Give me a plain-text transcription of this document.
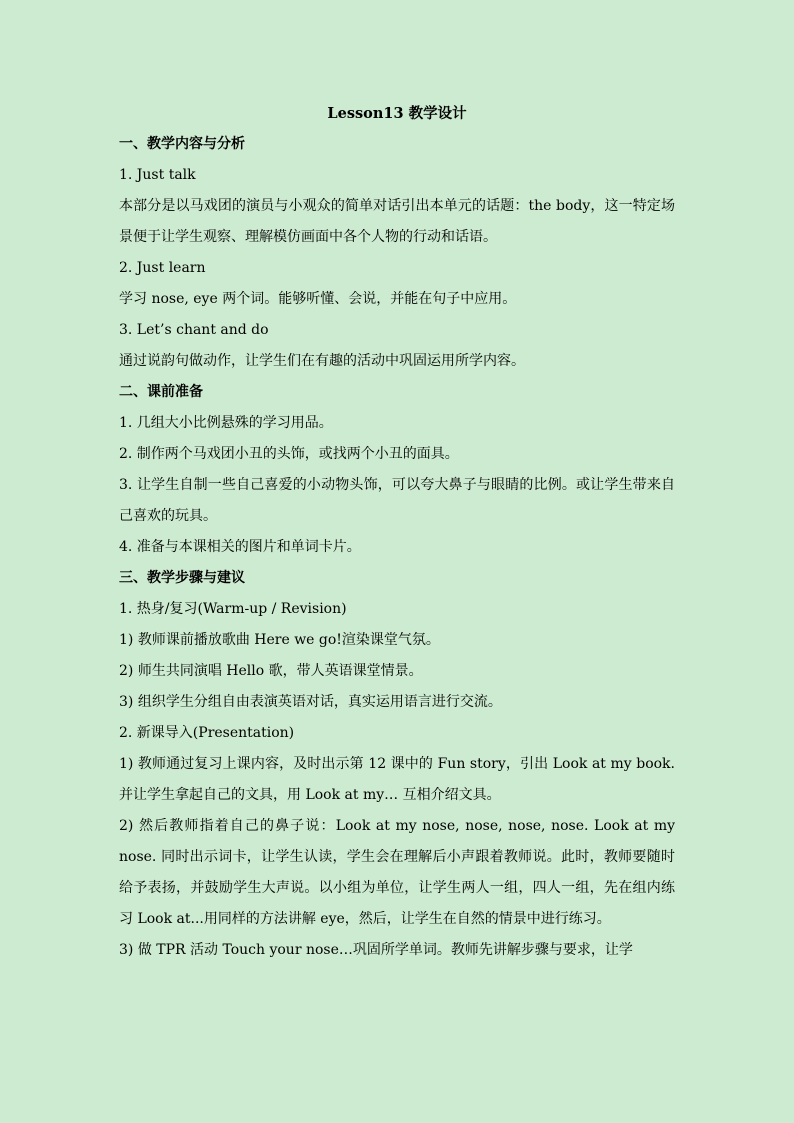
Lesson13 教学设计

一、教学内容与分析

1. Just talk

本部分是以马戏团的演员与小观众的简单对话引出本单元的话题：the body，这一特定场景便于让学生观察、理解模仿画面中各个人物的行动和话语。

2. Just learn

学习 nose, eye 两个词。能够听懂、会说，并能在句子中应用。

3. Let’s chant and do

通过说韵句做动作，让学生们在有趣的活动中巩固运用所学内容。

二、课前准备

1. 几组大小比例悬殊的学习用品。

2. 制作两个马戏团小丑的头饰，或找两个小丑的面具。

3. 让学生自制一些自己喜爱的小动物头饰，可以夸大鼻子与眼睛的比例。或让学生带来自己喜欢的玩具。

4. 准备与本课相关的图片和单词卡片。

三、教学步骤与建议

1. 热身/复习(Warm-up / Revision)

1) 教师课前播放歌曲 Here we go!渲染课堂气氛。

2) 师生共同演唱 Hello 歌，带人英语课堂情景。

3) 组织学生分组自由表演英语对话，真实运用语言进行交流。

2. 新课导入(Presentation)

1) 教师通过复习上课内容，及时出示第 12 课中的 Fun story，引出 Look at my book. 并让学生拿起自己的文具，用 Look at my… 互相介绍文具。

2) 然后教师指着自己的鼻子说：Look at my nose, nose, nose, nose. Look at my nose. 同时出示词卡，让学生认读，学生会在理解后小声跟着教师说。此时，教师要随时给予表扬，并鼓励学生大声说。以小组为单位，让学生两人一组，四人一组，先在组内练习 Look at...用同样的方法讲解 eye，然后，让学生在自然的情景中进行练习。

3) 做 TPR 活动 Touch your nose…巩固所学单词。教师先讲解步骤与要求，让学
